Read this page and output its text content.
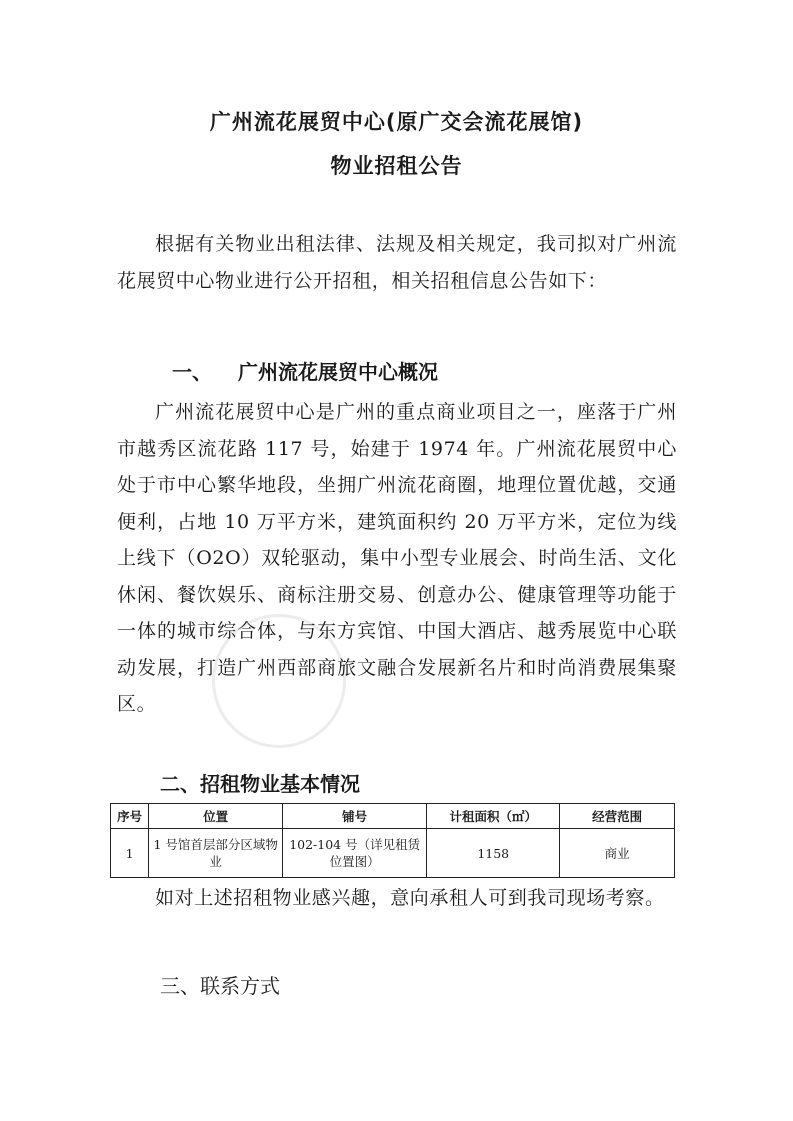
广州流花展贸中心(原广交会流花展馆)
物业招租公告

根据有关物业出租法律、法规及相关规定，我司拟对广州流花展贸中心物业进行公开招租，相关招租信息公告如下：

一、 广州流花展贸中心概况

广州流花展贸中心是广州的重点商业项目之一，座落于广州市越秀区流花路 117 号，始建于 1974 年。广州流花展贸中心处于市中心繁华地段，坐拥广州流花商圈，地理位置优越，交通便利，占地 10 万平方米，建筑面积约 20 万平方米，定位为线上线下（O2O）双轮驱动，集中小型专业展会、时尚生活、文化休闲、餐饮娱乐、商标注册交易、创意办公、健康管理等功能于一体的城市综合体，与东方宾馆、中国大酒店、越秀展览中心联动发展，打造广州西部商旅文融合发展新名片和时尚消费展集聚区。

二、招租物业基本情况
序号	位置	铺号	计租面积（㎡）	经营范围
1	1 号馆首层部分区域物业	102-104 号（详见租赁位置图）	1158	商业

如对上述招租物业感兴趣，意向承租人可到我司现场考察。

三、联系方式
